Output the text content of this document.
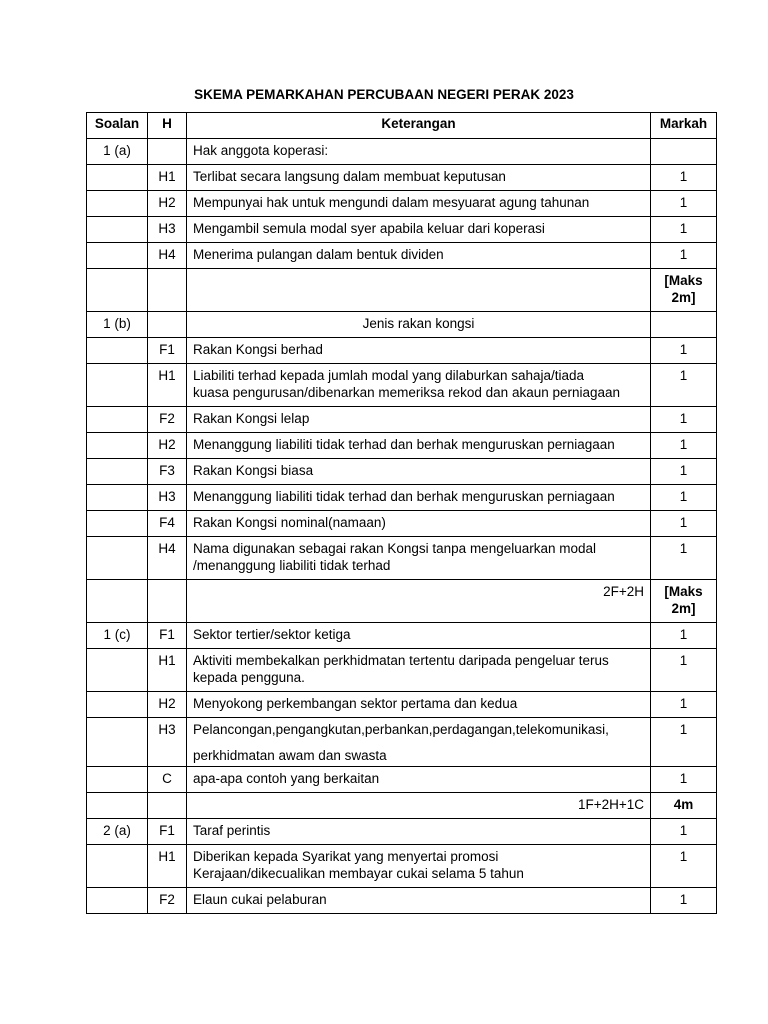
SKEMA PEMARKAHAN PERCUBAAN NEGERI PERAK 2023
Soalan	H	Keterangan	Markah
1 (a)		Hak anggota koperasi:	

	H1	Terlibat secara langsung dalam membuat keputusan	1
	H2	Mempunyai hak untuk mengundi dalam mesyuarat agung tahunan	1
	H3	Mengambil semula modal syer apabila keluar dari koperasi	1
	H4	Menerima pulangan dalam bentuk dividen	1

			[Maks
2m]

1 (b)		Jenis rakan kongsi	

	F1	Rakan Kongsi berhad	1
	H1	Liabiliti terhad kepada jumlah modal yang dilaburkan sahaja/tiada
kuasa pengurusan/dibenarkan memeriksa rekod dan akaun perniagaan	1
	F2	Rakan Kongsi lelap	1
	H2	Menanggung liabiliti tidak terhad dan berhak menguruskan perniagaan	1
	F3	Rakan Kongsi biasa	1
	H3	Menanggung liabiliti tidak terhad dan berhak menguruskan perniagaan	1
	F4	Rakan Kongsi nominal(namaan)	1
	H4	Nama digunakan sebagai rakan Kongsi tanpa mengeluarkan modal
/menanggung liabiliti tidak terhad	1

		2F+2H	[Maks
2m]

1 (c)	F1	Sektor tertier/sektor ketiga	1
	H1	Aktiviti membekalkan perkhidmatan tertentu daripada pengeluar terus
kepada pengguna.	1
	H2	Menyokong perkembangan sektor pertama dan kedua	1
	H3	Pelancongan,pengangkutan,perbankan,perdagangan,telekomunikasi,
perkhidmatan awam dan swasta	1
	C	apa-apa contoh yang berkaitan	1

		1F+2H+1C	4m
2 (a)	F1	Taraf perintis	1
	H1	Diberikan kepada Syarikat yang menyertai promosi
Kerajaan/dikecualikan membayar cukai selama 5 tahun	1
	F2	Elaun cukai pelaburan	1
